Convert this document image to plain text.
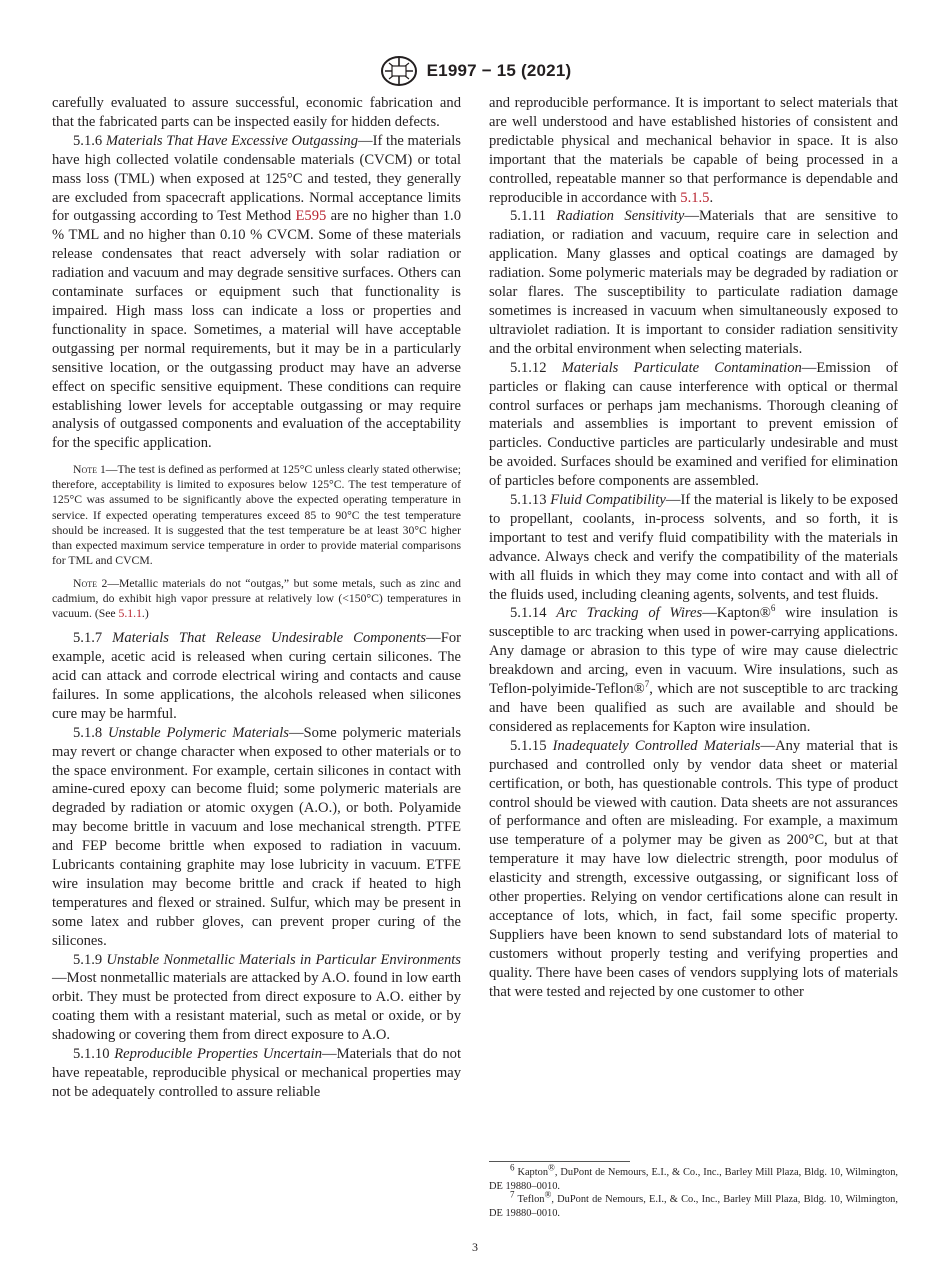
E1997 − 15 (2021)

carefully evaluated to assure successful, economic fabrication and that the fabricated parts can be inspected easily for hidden defects.

5.1.6 Materials That Have Excessive Outgassing—If the materials have high collected volatile condensable materials (CVCM) or total mass loss (TML) when exposed at 125°C and tested, they generally are excluded from spacecraft applications. Normal acceptance limits for outgassing according to Test Method E595 are no higher than 1.0 % TML and no higher than 0.10 % CVCM. Some of these materials release condensates that react adversely with solar radiation or radiation and vacuum and may degrade sensitive surfaces. Others can contaminate surfaces or equipment such that functionality is impaired. High mass loss can indicate a loss or properties and functionality in space. Sometimes, a material will have acceptable outgassing per normal requirements, but it may be in a particularly sensitive location, or the outgassing product may have an adverse effect on specific sensitive equipment. These conditions can require establishing lower levels for acceptable outgassing or may require analysis of outgassed components and evaluation of the acceptability for the specific application.

Note 1—The test is defined as performed at 125°C unless clearly stated otherwise; therefore, acceptability is limited to exposures below 125°C. The test temperature of 125°C was assumed to be significantly above the expected operating temperature in service. If expected operating temperatures exceed 85 to 90°C the test temperature should be increased. It is suggested that the test temperature be at least 30°C higher than expected maximum service temperature in order to provide material comparisons for TML and CVCM.

Note 2—Metallic materials do not “outgas,” but some metals, such as zinc and cadmium, do exhibit high vapor pressure at relatively low (<150°C) temperatures in vacuum. (See 5.1.1.)

5.1.7 Materials That Release Undesirable Components—For example, acetic acid is released when curing certain silicones. The acid can attack and corrode electrical wiring and contacts and cause failures. In some applications, the alcohols released when silicones cure may be harmful.

5.1.8 Unstable Polymeric Materials—Some polymeric materials may revert or change character when exposed to other materials or to the space environment. For example, certain silicones in contact with amine-cured epoxy can become fluid; some polymeric materials are degraded by radiation or atomic oxygen (A.O.), or both. Polyamide may become brittle in vacuum and lose mechanical strength. PTFE and FEP become brittle when exposed to radiation in vacuum. Lubricants containing graphite may lose lubricity in vacuum. ETFE wire insulation may become brittle and crack if heated to high temperatures and flexed or strained. Sulfur, which may be present in some latex and rubber gloves, can prevent proper curing of the silicones.

5.1.9 Unstable Nonmetallic Materials in Particular Environments—Most nonmetallic materials are attacked by A.O. found in low earth orbit. They must be protected from direct exposure to A.O. either by coating them with a resistant material, such as metal or oxide, or by shadowing or covering them from direct exposure to A.O.

5.1.10 Reproducible Properties Uncertain—Materials that do not have repeatable, reproducible physical or mechanical properties may not be adequately controlled to assure reliable

and reproducible performance. It is important to select materials that are well understood and have established histories of consistent and predictable physical and mechanical behavior in space. It is also important that the materials be capable of being processed in a controlled, repeatable manner so that performance is dependable and reproducible in accordance with 5.1.5.

5.1.11 Radiation Sensitivity—Materials that are sensitive to radiation, or radiation and vacuum, require care in selection and application. Many glasses and optical coatings are damaged by radiation. Some polymeric materials may be degraded by radiation or solar flares. The susceptibility to particulate radiation damage sometimes is increased in vacuum when simultaneously exposed to ultraviolet radiation. It is important to consider radiation sensitivity and the orbital environment when selecting materials.

5.1.12 Materials Particulate Contamination—Emission of particles or flaking can cause interference with optical or thermal control surfaces or perhaps jam mechanisms. Thorough cleaning of materials and assemblies is important to prevent emission of particles. Conductive particles are particularly undesirable and must be avoided. Surfaces should be examined and verified for elimination of particles before components are assembled.

5.1.13 Fluid Compatibility—If the material is likely to be exposed to propellant, coolants, in-process solvents, and so forth, it is important to test and verify fluid compatibility with the materials in advance. Always check and verify the compatibility of the materials with all fluids in which they may come into contact and with all of the fluids used, including cleaning agents, solvents, and test fluids.

5.1.14 Arc Tracking of Wires—Kapton®$^6$ wire insulation is susceptible to arc tracking when used in power-carrying applications. Any damage or abrasion to this type of wire may cause dielectric breakdown and arcing, even in vacuum. Wire insulations, such as Teflon-polyimide-Teflon®$^7$, which are not susceptible to arc tracking and have been qualified as such are available and should be considered as replacements for Kapton wire insulation.

5.1.15 Inadequately Controlled Materials—Any material that is purchased and controlled only by vendor data sheet or material certification, or both, has questionable controls. This type of product control should be viewed with caution. Data sheets are not assurances of performance and often are misleading. For example, a maximum use temperature of a polymer may be given as 200°C, but at that temperature it may have low dielectric strength, poor modulus of elasticity and strength, excessive outgassing, or significant loss of other properties. Relying on vendor certifications alone can result in acceptance of lots, which, in fact, fail some specific property. Suppliers have been known to send substandard lots of material to customers without properly testing and verifying properties and quality. There have been cases of vendors supplying lots of materials that were tested and rejected by one customer to other

$^6$ Kapton®, DuPont de Nemours, E.I., & Co., Inc., Barley Mill Plaza, Bldg. 10, Wilmington, DE 19880–0010.

$^7$ Teflon®, DuPont de Nemours, E.I., & Co., Inc., Barley Mill Plaza, Bldg. 10, Wilmington, DE 19880–0010.

3
